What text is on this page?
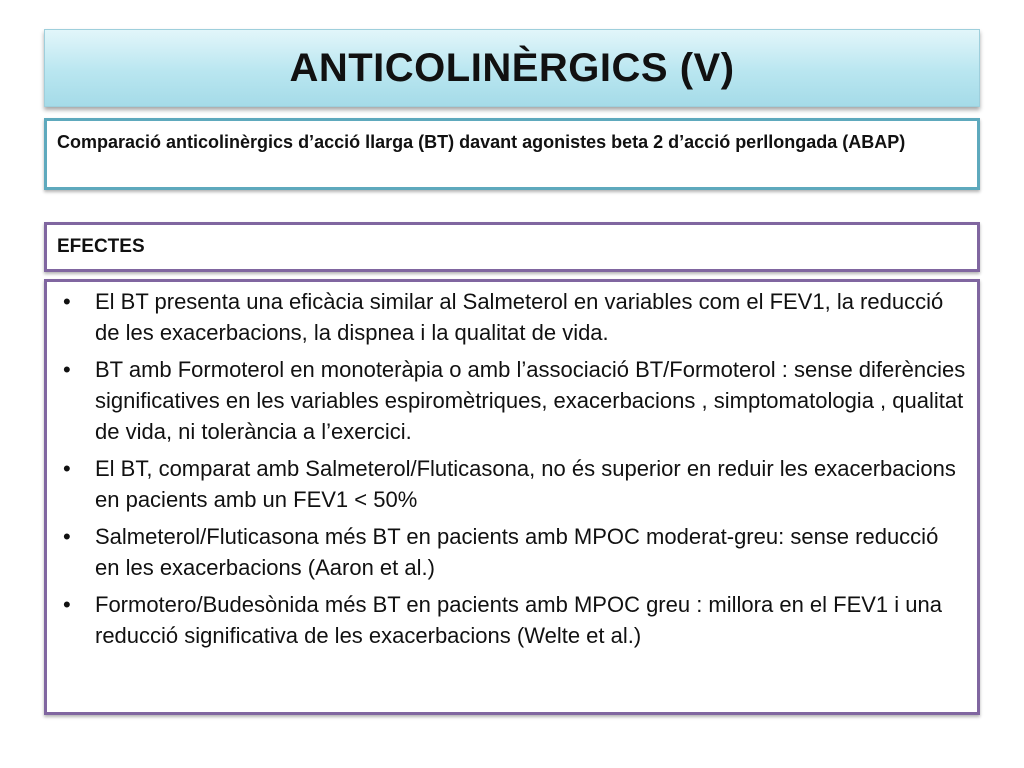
ANTICOLINÈRGICS (V)
Comparació anticolinèrgics d’acció llarga (BT) davant agonistes beta 2 d’acció perllongada (ABAP)
EFECTES
• El BT presenta una eficàcia similar al Salmeterol en variables com el FEV1, la reducció de les exacerbacions, la dispnea i la qualitat de vida.
• BT amb Formoterol en monoteràpia o amb l’associació BT/Formoterol : sense diferències significatives en les variables espiromètriques, exacerbacions , simptomatologia , qualitat de vida, ni tolerància a l’exercici.
• El BT, comparat amb Salmeterol/Fluticasona, no és superior en reduir les exacerbacions en pacients amb un FEV1 < 50%
• Salmeterol/Fluticasona més BT en pacients amb MPOC moderat-greu: sense reducció en les exacerbacions (Aaron et al.)
• Formotero/Budesònida més BT en pacients amb MPOC greu : millora en el FEV1 i una reducció significativa de les exacerbacions (Welte et al.)
